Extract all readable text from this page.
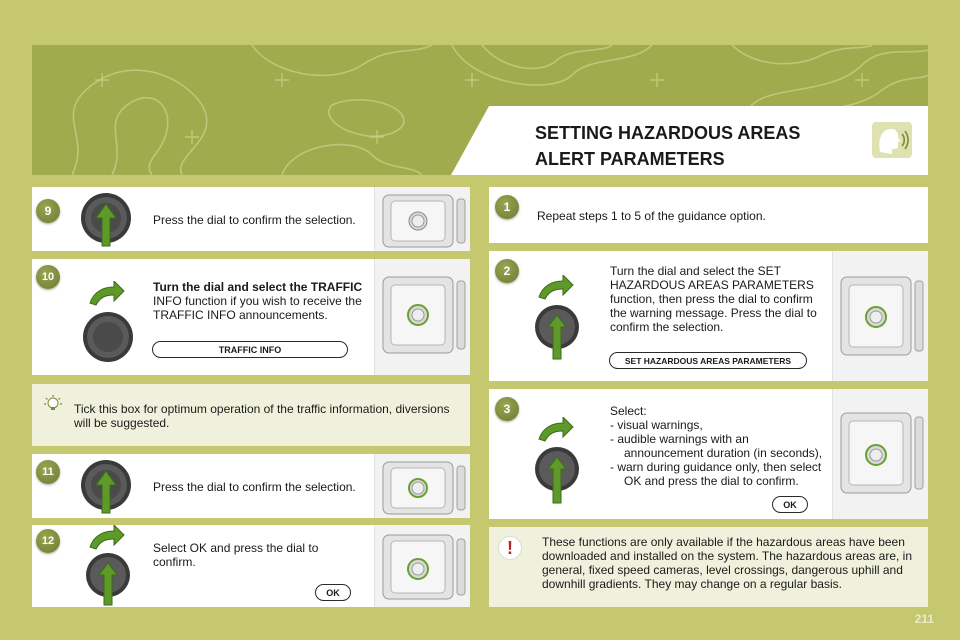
SETTING HAZARDOUS AREAS
ALERT PARAMETERS
9
Press the dial to confirm the selection.
10
Turn the dial and select the TRAFFIC
INFO function if you wish to receive the TRAFFIC INFO announcements.
TRAFFIC INFO
Tick this box for optimum operation of the traffic information, diversions will be suggested.
11
Press the dial to confirm the selection.
12	Select OK and press the dial to confirm.
OK
1
Repeat steps 1 to 5 of the guidance option.
2	Turn the dial and select the SET HAZARDOUS AREAS PARAMETERS function, then press the dial to confirm the warning message. Press the dial to confirm the selection.
SET HAZARDOUS AREAS PARAMETERS
3	Select:
- visual warnings,
- audible warnings with an announcement duration (in seconds),
- warn during guidance only, then select OK and press the dial to confirm.
OK
These functions are only available if the hazardous areas have been downloaded and installed on the system. The hazardous areas are, in general, fixed speed cameras, level crossings, dangerous uphill and downhill gradients. They may change on a regular basis.
!
211
